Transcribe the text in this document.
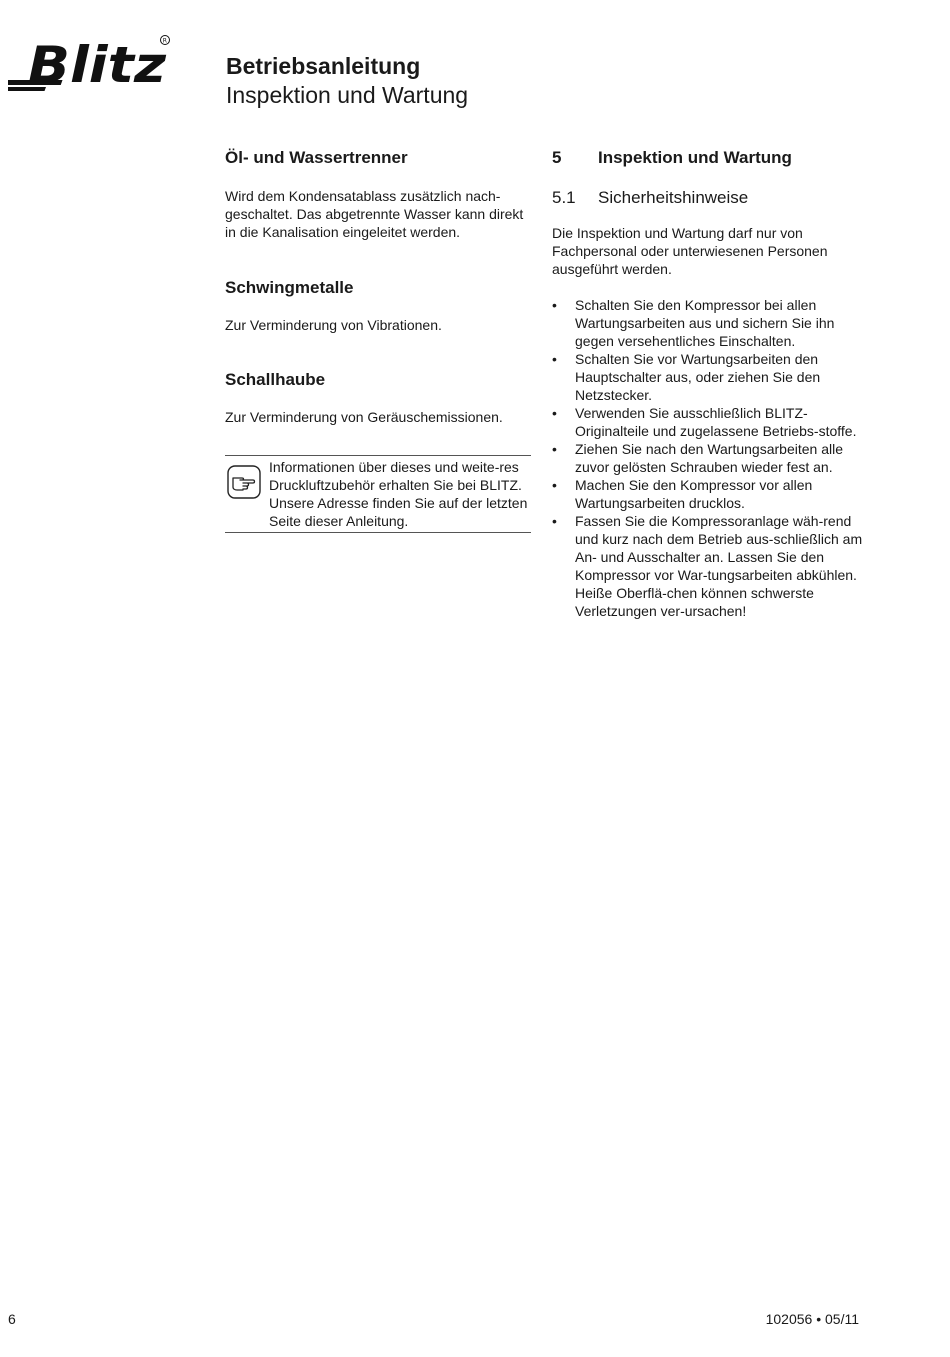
Blitz
R
Betriebsanleitung
Inspektion und Wartung
Öl- und Wassertrenner

Wird dem Kondensatablass zusätzlich nach-geschaltet. Das abgetrennte Wasser kann direkt in die Kanalisation eingeleitet werden.

Schwingmetalle

Zur Verminderung von Vibrationen.

Schallhaube

Zur Verminderung von Geräuschemissionen.

Informationen über dieses und weite-res Druckluftzubehör erhalten Sie bei BLITZ. Unsere Adresse finden Sie auf der letzten Seite dieser Anleitung.

5	Inspektion und Wartung
5.1	Sicherheitshinweise

Die Inspektion und Wartung darf nur von Fachpersonal oder unterwiesenen Personen ausgeführt werden.

• Schalten Sie den Kompressor bei allen Wartungsarbeiten aus und sichern Sie ihn gegen versehentliches Einschalten.
• Schalten Sie vor Wartungsarbeiten den Hauptschalter aus, oder ziehen Sie den Netzstecker.
• Verwenden Sie ausschließlich BLITZ-Originalteile und zugelassene Betriebs-stoffe.
• Ziehen Sie nach den Wartungsarbeiten alle zuvor gelösten Schrauben wieder fest an.
• Machen Sie den Kompressor vor allen Wartungsarbeiten drucklos.
• Fassen Sie die Kompressoranlage wäh-rend und kurz nach dem Betrieb aus-schließlich am An- und Ausschalter an. Lassen Sie den Kompressor vor War-tungsarbeiten abkühlen. Heiße Oberflä-chen können schwerste Verletzungen ver-ursachen!
6	102056 • 05/11
